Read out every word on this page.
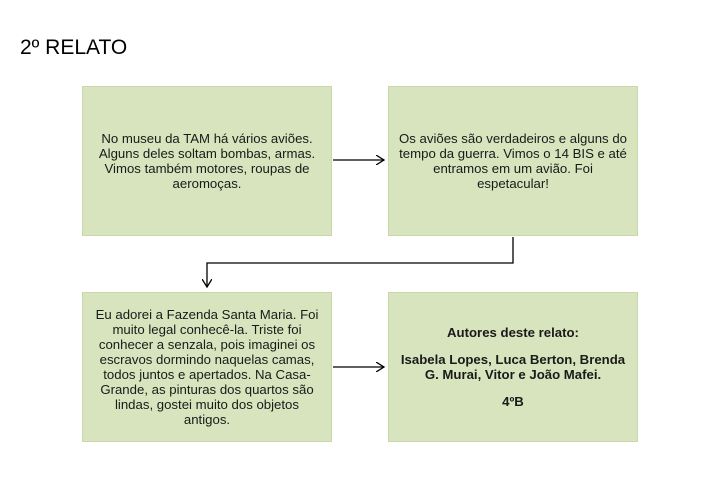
2º RELATO
No museu da TAM há vários aviões. Alguns deles soltam bombas, armas. Vimos também motores, roupas de aeromoças.
Os aviões são verdadeiros e alguns do tempo da guerra. Vimos o 14 BIS e até entramos em um avião. Foi espetacular!
Eu adorei a Fazenda Santa Maria. Foi muito legal conhecê-la. Triste foi conhecer a senzala, pois imaginei os escravos dormindo naquelas camas, todos juntos e apertados. Na Casa-Grande, as pinturas dos quartos são lindas, gostei muito dos objetos antigos.

Autores deste relato:

Isabela Lopes, Luca Berton, Brenda G. Murai, Vitor e João Mafei.

4ºB
